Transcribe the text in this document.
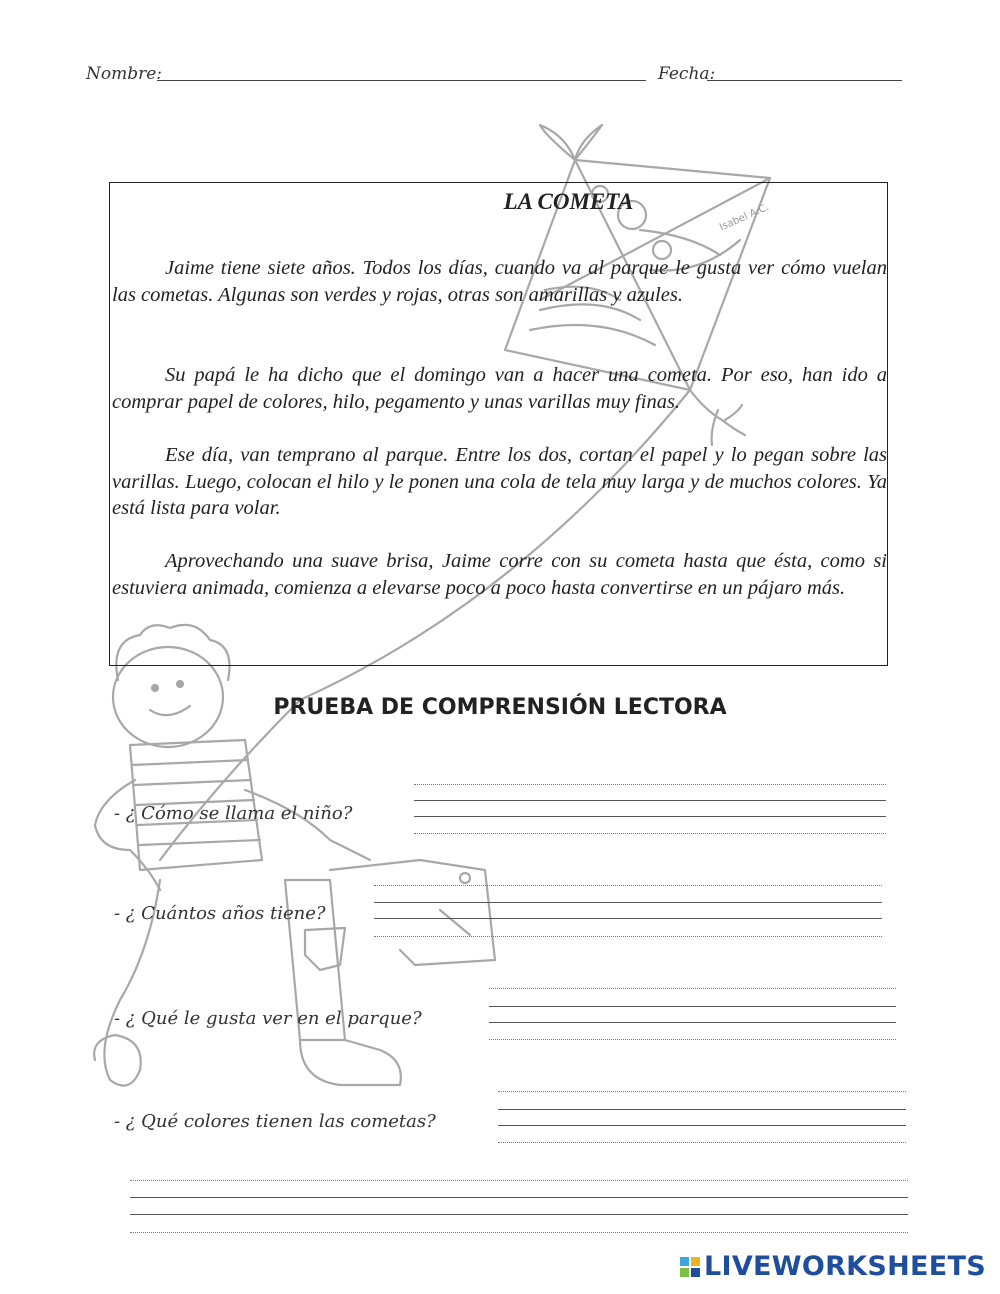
Nombre:	Fecha:
Isabel A.C.
LA COMETA

Jaime tiene siete años. Todos los días, cuando va al parque le gusta ver cómo vuelan las cometas. Algunas son verdes y rojas, otras son amarillas y azules.

Su papá le ha dicho que el domingo van a hacer una cometa. Por eso, han ido a comprar papel de colores, hilo, pegamento y unas varillas muy finas.

Ese día, van temprano al parque. Entre los dos, cortan el papel y lo pegan sobre las varillas. Luego, colocan el hilo y le ponen una cola de tela muy larga y de muchos colores. Ya está lista para volar.

Aprovechando una suave brisa, Jaime corre con su cometa hasta que ésta, como si estuviera animada, comienza a elevarse poco a poco hasta convertirse en un pájaro más.

PRUEBA DE COMPRENSIÓN LECTORA
- ¿ Cómo se llama el niño?
- ¿ Cuántos años tiene?
- ¿ Qué le gusta ver en el parque?
- ¿ Qué colores tienen las cometas?
LIVEWORKSHEETS
